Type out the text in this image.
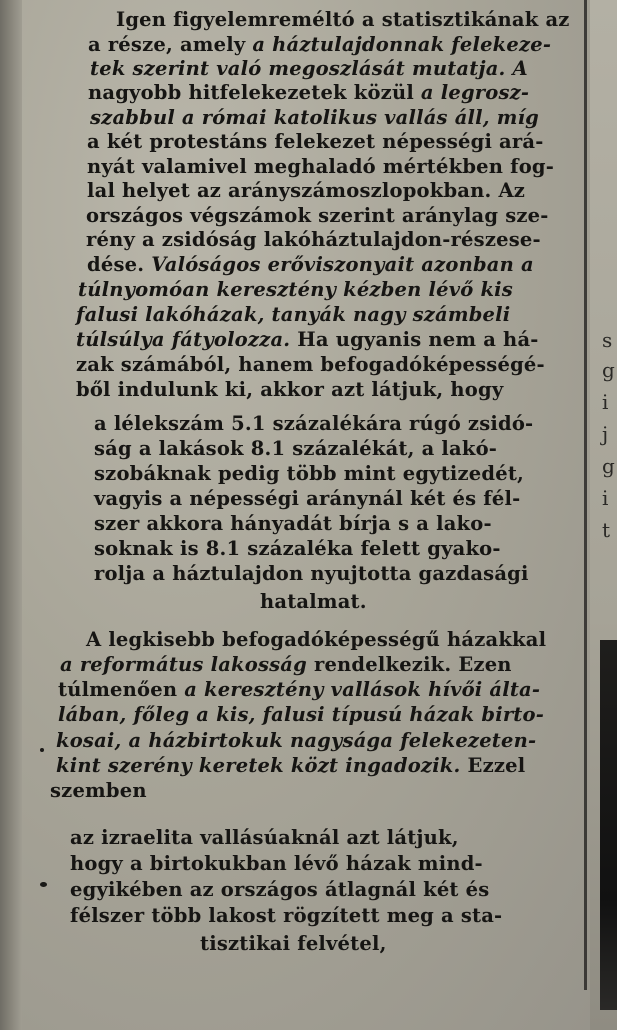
s
g
i
j
g
i
t
Igen figyelemreméltó a statisztikának az
a része, amely a háztulajdonnak felekeze-
tek szerint való megoszlását mutatja. A
nagyobb hitfelekezetek közül a legrosz-
szabbul a római katolikus vallás áll, míg
a két protestáns felekezet népességi ará-
nyát valamivel meghaladó mértékben fog-
lal helyet az arányszámoszlopokban. Az
országos végszámok szerint aránylag sze-
rény a zsidóság lakóháztulajdon-részese-
dése. Valóságos erőviszonyait azonban a
túlnyomóan keresztény kézben lévő kis
falusi lakóházak, tanyák nagy számbeli
túlsúlya fátyolozza. Ha ugyanis nem a há-
zak számából, hanem befogadóképességé-
ből indulunk ki, akkor azt látjuk, hogy
a lélekszám 5.1 százalékára rúgó zsidó-
ság a lakások 8.1 százalékát, a lakó-
szobáknak pedig több mint egytizedét,
vagyis a népességi aránynál két és fél-
szer akkora hányadát bírja s a lako-
soknak is 8.1 százaléka felett gyako-
rolja a háztulajdon nyujtotta gazdasági
hatalmat.
A legkisebb befogadóképességű házakkal
a református lakosság rendelkezik. Ezen
túlmenően a keresztény vallások hívői álta-
lában, főleg a kis, falusi típusú házak birto-
kosai, a házbirtokuk nagysága felekezeten-
kint szerény keretek közt ingadozik. Ezzel
szemben
az izraelita vallásúaknál azt látjuk,
hogy a birtokukban lévő házak mind-
egyikében az országos átlagnál két és
félszer több lakost rögzített meg a sta-
tisztikai felvétel,
